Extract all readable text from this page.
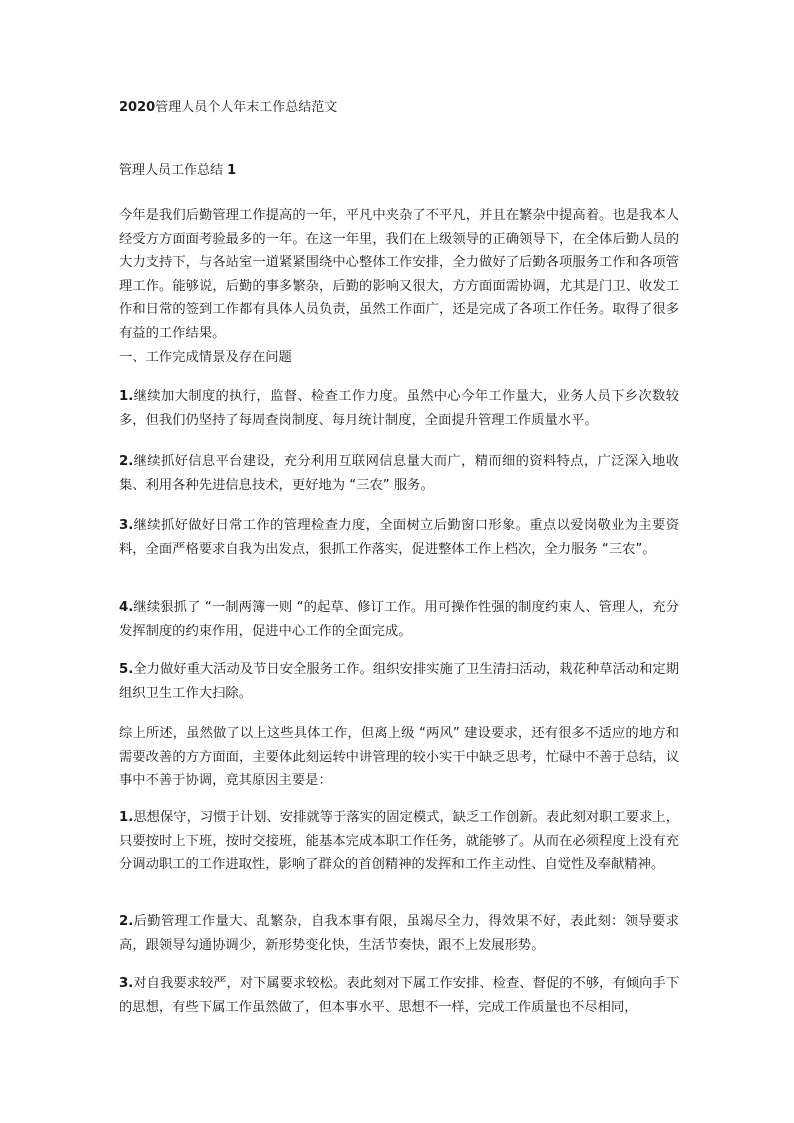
2020管理人员个人年末工作总结范文
管理人员工作总结 1

今年是我们后勤管理工作提高的一年，平凡中夹杂了不平凡，并且在繁杂中提高着。也是我本人经受方方面面考验最多的一年。在这一年里，我们在上级领导的正确领导下，在全体后勤人员的大力支持下，与各站室一道紧紧围绕中心整体工作安排，全力做好了后勤各项服务工作和各项管理工作。能够说，后勤的事多繁杂，后勤的影响又很大，方方面面需协调，尤其是门卫、收发工作和日常的签到工作都有具体人员负责，虽然工作面广，还是完成了各项工作任务。取得了很多有益的工作结果。

一、工作完成情景及存在问题

1.继续加大制度的执行，监督、检查工作力度。虽然中心今年工作量大，业务人员下乡次数较多，但我们仍坚持了每周查岗制度、每月统计制度，全面提升管理工作质量水平。

2.继续抓好信息平台建设，充分利用互联网信息量大而广，精而细的资料特点，广泛深入地收集、利用各种先进信息技术，更好地为 “三农” 服务。

3.继续抓好做好日常工作的管理检查力度，全面树立后勤窗口形象。重点以爱岗敬业为主要资料，全面严格要求自我为出发点，狠抓工作落实，促进整体工作上档次，全力服务 “三农”。

4.继续狠抓了 “一制两簿一则 “的起草、修订工作。用可操作性强的制度约束人、管理人，充分发挥制度的约束作用，促进中心工作的全面完成。

5.全力做好重大活动及节日安全服务工作。组织安排实施了卫生清扫活动，栽花种草活动和定期组织卫生工作大扫除。

综上所述，虽然做了以上这些具体工作，但离上级 “两风” 建设要求，还有很多不适应的地方和需要改善的方方面面，主要体此刻运转中讲管理的较小实干中缺乏思考，忙碌中不善于总结，议事中不善于协调，竟其原因主要是：

1.思想保守，习惯于计划、安排就等于落实的固定模式，缺乏工作创新。表此刻对职工要求上，只要按时上下班，按时交接班，能基本完成本职工作任务，就能够了。从而在必须程度上没有充分调动职工的工作进取性，影响了群众的首创精神的发挥和工作主动性、自觉性及奉献精神。

2.后勤管理工作量大、乱繁杂，自我本事有限，虽竭尽全力，得效果不好，表此刻：领导要求高，跟领导勾通协调少，新形势变化快，生活节奏快，跟不上发展形势。

3.对自我要求较严，对下属要求较松。表此刻对下属工作安排、检查、督促的不够，有倾向手下的思想，有些下属工作虽然做了，但本事水平、思想不一样，完成工作质量也不尽相同，
